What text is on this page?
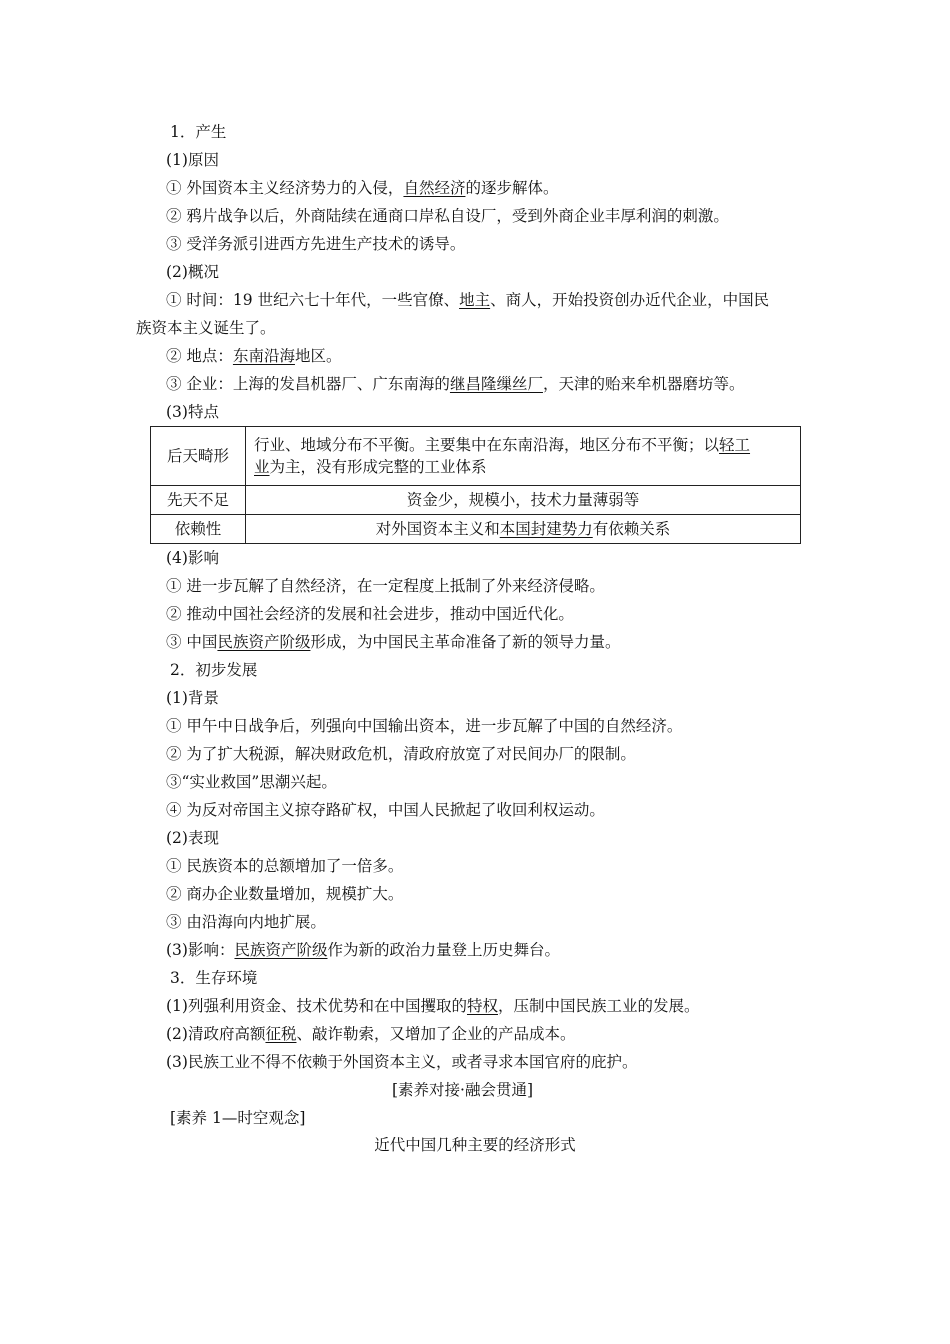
1．产生
(1)原因
① 外国资本主义经济势力的入侵，自然经济的逐步解体。
② 鸦片战争以后，外商陆续在通商口岸私自设厂，受到外商企业丰厚利润的刺激。
③ 受洋务派引进西方先进生产技术的诱导。
(2)概况
① 时间：19 世纪六七十年代，一些官僚、地主、商人，开始投资创办近代企业，中国民
族资本主义诞生了。
② 地点：东南沿海地区。
③ 企业：上海的发昌机器厂、广东南海的继昌隆缫丝厂，天津的贻来牟机器磨坊等。
(3)特点
后天畸形	行业、地域分布不平衡。主要集中在东南沿海，地区分布不平衡；以轻工
业为主，没有形成完整的工业体系
先天不足	资金少，规模小，技术力量薄弱等
依赖性	对外国资本主义和本国封建势力有依赖关系
(4)影响
① 进一步瓦解了自然经济，在一定程度上抵制了外来经济侵略。
② 推动中国社会经济的发展和社会进步，推动中国近代化。
③ 中国民族资产阶级形成，为中国民主革命准备了新的领导力量。
2．初步发展
(1)背景
① 甲午中日战争后，列强向中国输出资本，进一步瓦解了中国的自然经济。
② 为了扩大税源，解决财政危机，清政府放宽了对民间办厂的限制。
③“实业救国”思潮兴起。
④ 为反对帝国主义掠夺路矿权，中国人民掀起了收回利权运动。
(2)表现
① 民族资本的总额增加了一倍多。
② 商办企业数量增加，规模扩大。
③ 由沿海向内地扩展。
(3)影响：民族资产阶级作为新的政治力量登上历史舞台。
3．生存环境
(1)列强利用资金、技术优势和在中国攫取的特权，压制中国民族工业的发展。
(2)清政府高额征税、敲诈勒索，又增加了企业的产品成本。
(3)民族工业不得不依赖于外国资本主义，或者寻求本国官府的庇护。
[素养对接·融会贯通]
[素养 1—时空观念]
近代中国几种主要的经济形式
